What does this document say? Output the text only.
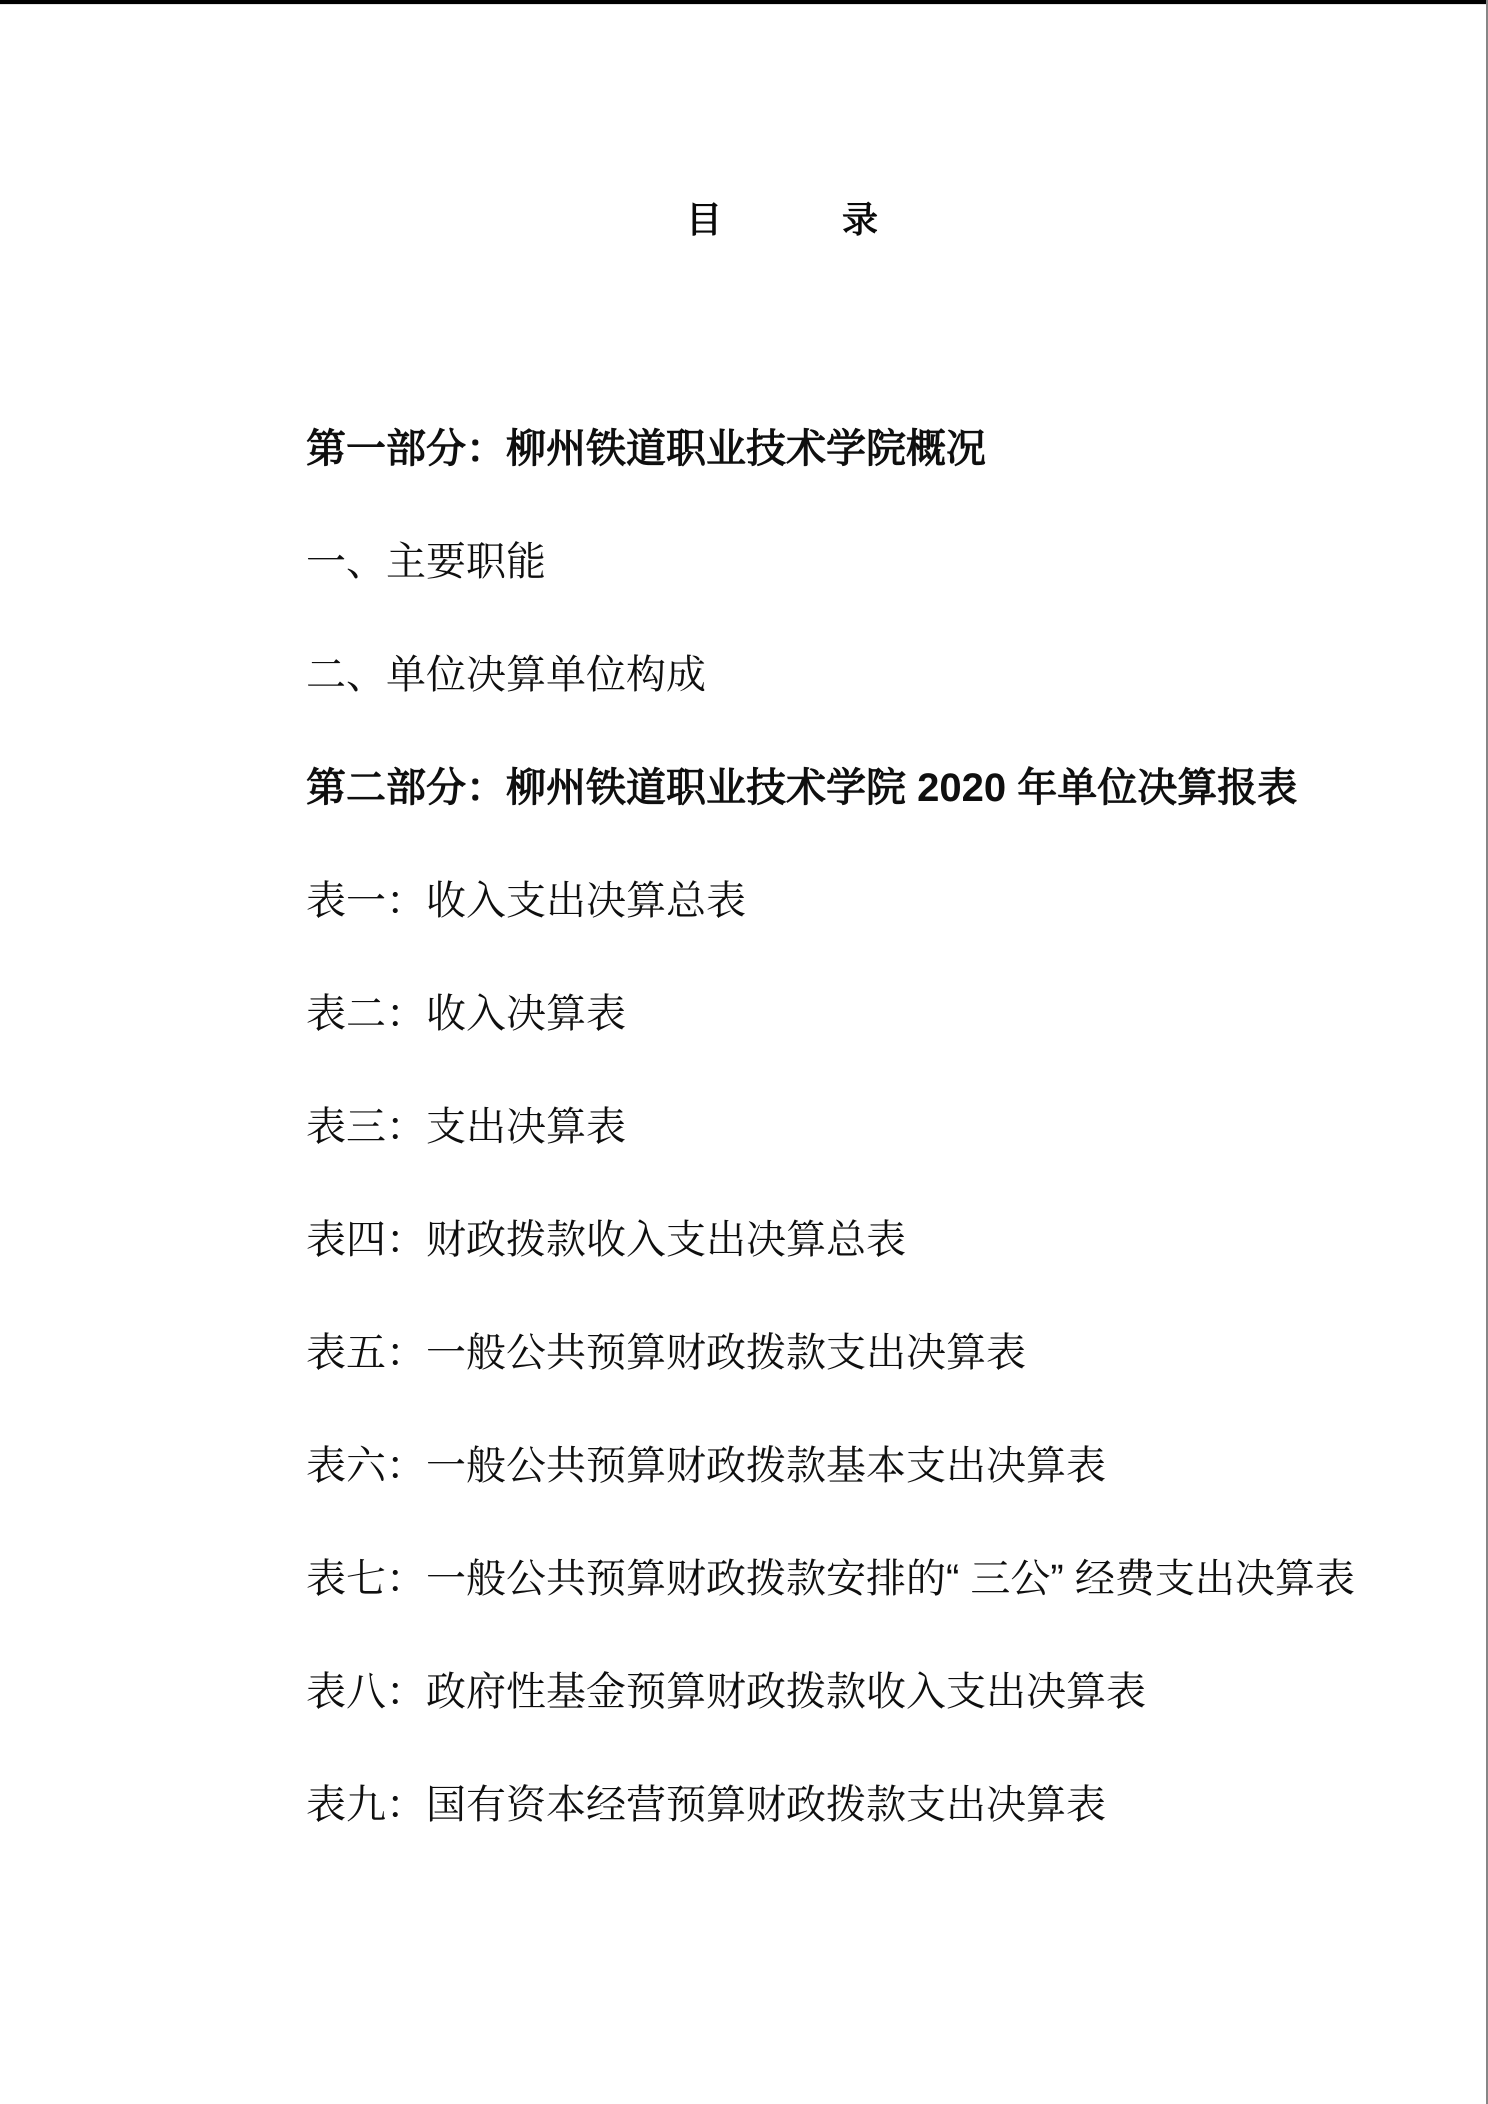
目	录
第一部分：柳州铁道职业技术学院概况
一、主要职能
二、单位决算单位构成
第二部分：柳州铁道职业技术学院 2020 年单位决算报表
表一：收入支出决算总表
表二：收入决算表
表三：支出决算表
表四：财政拨款收入支出决算总表
表五：一般公共预算财政拨款支出决算表
表六：一般公共预算财政拨款基本支出决算表
表七：一般公共预算财政拨款安排的“ 三公” 经费支出决算表
表八：政府性基金预算财政拨款收入支出决算表
表九：国有资本经营预算财政拨款支出决算表
